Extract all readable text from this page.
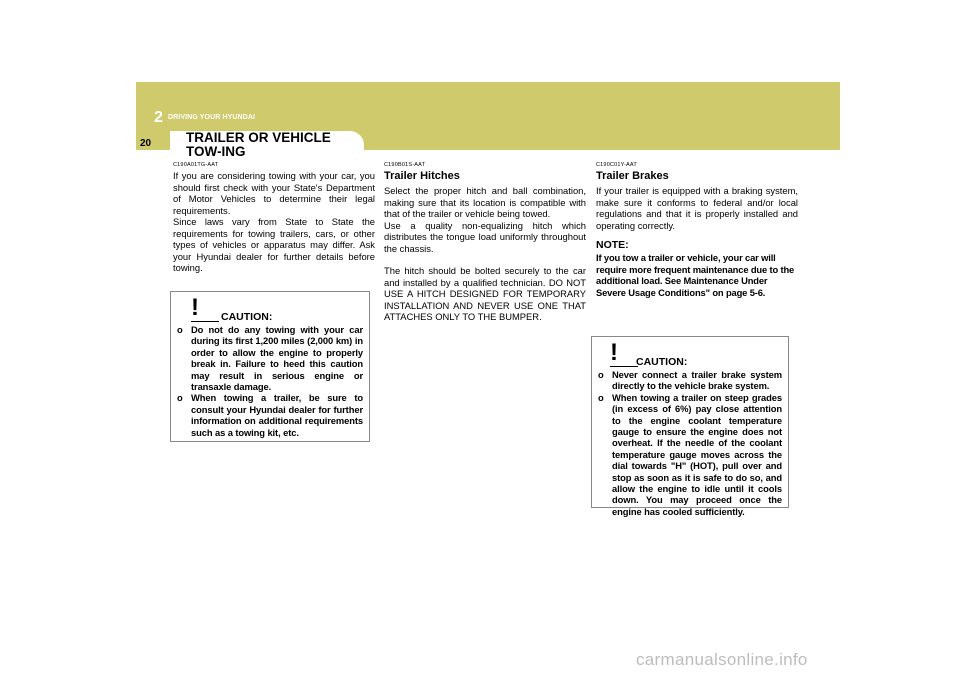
2 DRIVING YOUR HYUNDAI
20	TRAILER OR VEHICLE TOW-ING
C190A01TG-AAT

If you are considering towing with your car, you should first check with your State's Department of Motor Vehicles to determine their legal requirements.

Since laws vary from State to State the requirements for towing trailers, cars, or other types of vehicles or apparatus may differ. Ask your Hyundai dealer for further details before towing.

!	CAUTION:
o Do not do any towing with your car during its first 1,200 miles (2,000 km) in order to allow the engine to properly break in. Failure to heed this caution may result in serious engine or transaxle damage.
o When towing a trailer, be sure to consult your Hyundai dealer for further information on additional requirements such as a towing kit, etc.
C190B01S-AAT
Trailer Hitches

Select the proper hitch and ball combination, making sure that its location is compatible with that of the trailer or vehicle being towed.

Use a quality non-equalizing hitch which distributes the tongue load uniformly throughout the chassis.

The hitch should be bolted securely to the car and installed by a qualified technician. DO NOT USE A HITCH DESIGNED FOR TEMPORARY INSTALLATION AND NEVER USE ONE THAT ATTACHES ONLY TO THE BUMPER.

C190C01Y-AAT
Trailer Brakes

If your trailer is equipped with a braking system, make sure it conforms to federal and/or local regulations and that it is properly installed and operating correctly.

NOTE:

If you tow a trailer or vehicle, your car will require more frequent maintenance due to the additional load. See Maintenance Under Severe Usage Conditions" on page 5-6.

!	CAUTION:
o Never connect a trailer brake system directly to the vehicle brake system.
o When towing a trailer on steep grades (in excess of 6%) pay close attention to the engine coolant temperature gauge to ensure the engine does not overheat. If the needle of the coolant temperature gauge moves across the dial towards "H" (HOT), pull over and stop as soon as it is safe to do so, and allow the engine to idle until it cools down. You may proceed once the engine has cooled sufficiently.
carmanualsonline.info
